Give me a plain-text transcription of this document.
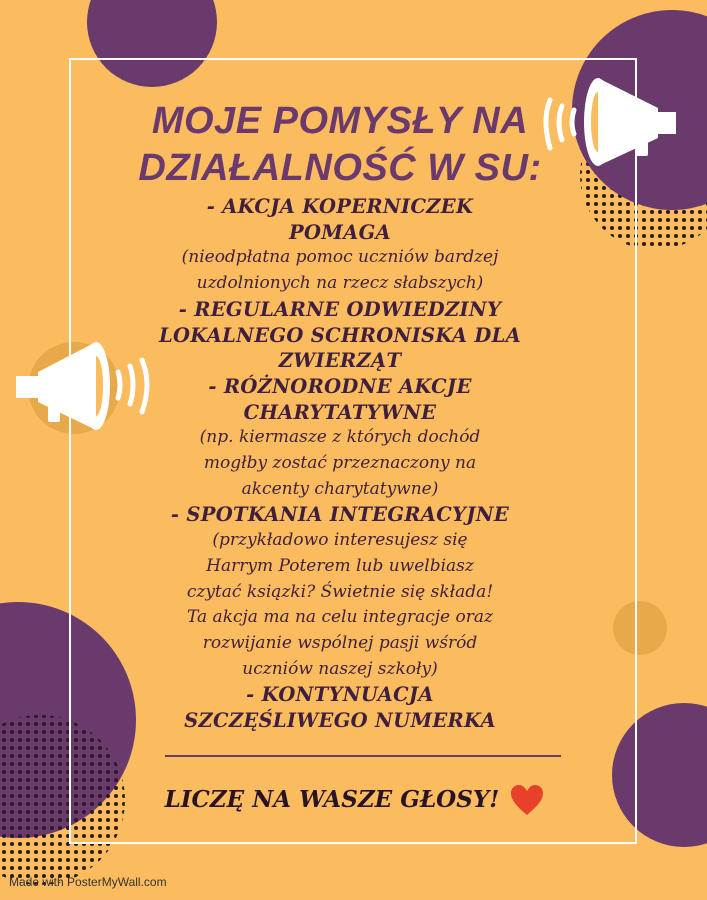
MOJE POMYSŁY NA
DZIAŁALNOŚĆ W SU:
- AKCJA KOPERNICZEK
POMAGA
(nieodpłatna pomoc uczniów bardzej
uzdolnionych na rzecz słabszych)
- REGULARNE ODWIEDZINY
LOKALNEGO SCHRONISKA DLA
ZWIERZĄT
- RÓŻNORODNE AKCJE
CHARYTATYWNE
(np. kiermasze z których dochód
mogłby zostać przeznaczony na
akcenty charytatywne)
- SPOTKANIA INTEGRACYJNE
(przykładowo interesujesz się
Harrym Poterem lub uwelbiasz
czytać ksiązki? Świetnie się składa!
Ta akcja ma na celu integracje oraz
rozwijanie wspólnej pasji wśród
uczniów naszej szkoły)
- KONTYNUACJA
SZCZĘŚLIWEGO NUMERKA
LICZĘ NA WASZE GŁOSY!
Made with PosterMyWall.com
